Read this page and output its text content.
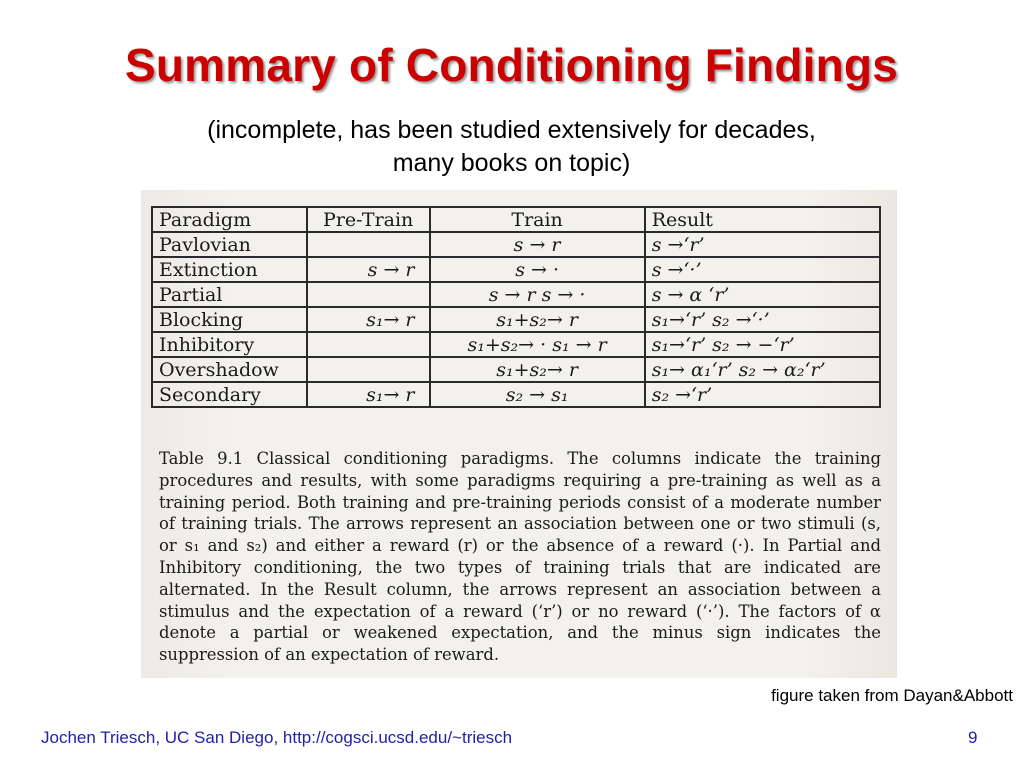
Summary of Conditioning Findings
(incomplete, has been studied extensively for decades,
many books on topic)
Paradigm	Pre-Train	Train	Result
Pavlovian		s → r	s →‘r’
Extinction	s → r	s → ·	s →‘·’
Partial		s → r s → ·	s → α ‘r’
Blocking	s₁→ r	s₁+s₂→ r	s₁→‘r’ s₂ →‘·’
Inhibitory		s₁+s₂→ · s₁ → r	s₁→‘r’ s₂ → −‘r’
Overshadow		s₁+s₂→ r	s₁→ α₁‘r’ s₂ → α₂‘r’
Secondary	s₁→ r	s₂ → s₁	s₂ →‘r’
Table 9.1 Classical conditioning paradigms. The columns indicate the training procedures and results, with some paradigms requiring a pre-training as well as a training period. Both training and pre-training periods consist of a moderate number of training trials. The arrows represent an association between one or two stimuli (s, or s₁ and s₂) and either a reward (r) or the absence of a reward (·). In Partial and Inhibitory conditioning, the two types of training trials that are indicated are alternated. In the Result column, the arrows represent an association between a stimulus and the expectation of a reward (‘r’) or no reward (‘·’). The factors of α denote a partial or weakened expectation, and the minus sign indicates the suppression of an expectation of reward.
figure taken from Dayan&Abbott
Jochen Triesch, UC San Diego, http://cogsci.ucsd.edu/~triesch	9
